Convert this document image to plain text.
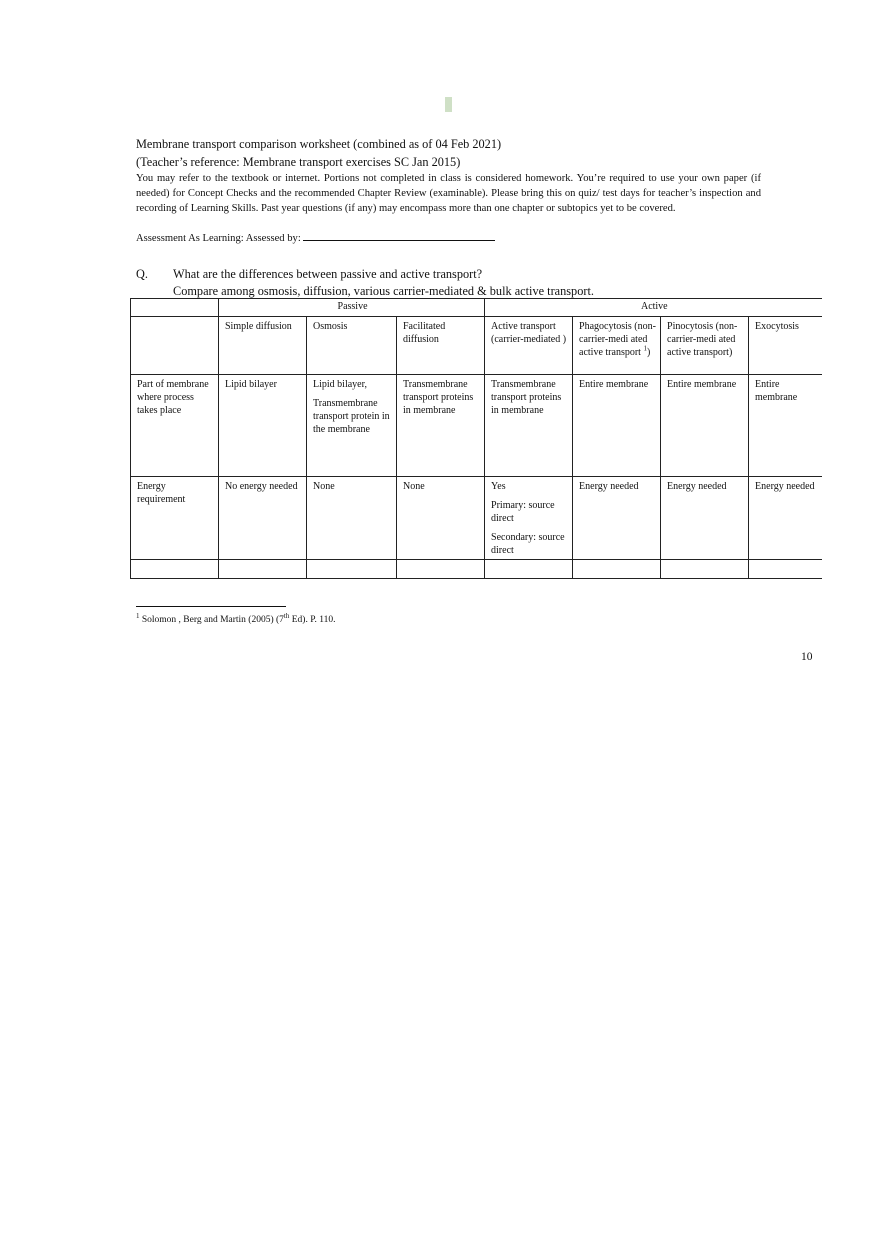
Membrane transport comparison worksheet (combined as of 04 Feb 2021)

(Teacher’s reference: Membrane transport exercises SC Jan 2015)

You may refer to the textbook or internet. Portions not completed in class is considered homework. You’re required to use your own paper (if needed) for Concept Checks and the recommended Chapter Review (examinable). Please bring this on quiz/ test days for teacher’s inspection and recording of Learning Skills. Past year questions (if any) may encompass more than one chapter or subtopics yet to be covered.

Assessment As Learning: Assessed by:
Q. What are the differences between passive and active transport?
Compare among osmosis, diffusion, various carrier-mediated & bulk active transport.
	Passive			Active			
	Simple diffusion	Osmosis	Facilitated diffusion	Active transport (carrier-mediated )	Phagocytosis (non-carrier-medi ated active transport $^1$)	Pinocytosis (non-carrier-medi ated active transport)	Exocytosis
Part of membrane where process takes place	Lipid bilayer	Lipid bilayer,

Transmembrane transport protein in the membrane	Transmembrane transport proteins in membrane	Transmembrane transport proteins in membrane	Entire membrane	Entire membrane	Entire membrane
Energy requirement	No energy needed	None	None	Yes

Primary: source direct

Secondary: source direct	Energy needed	Energy needed	Energy needed

$^1$ Solomon , Berg and Martin (2005) (7th Ed). P. 110.
10
